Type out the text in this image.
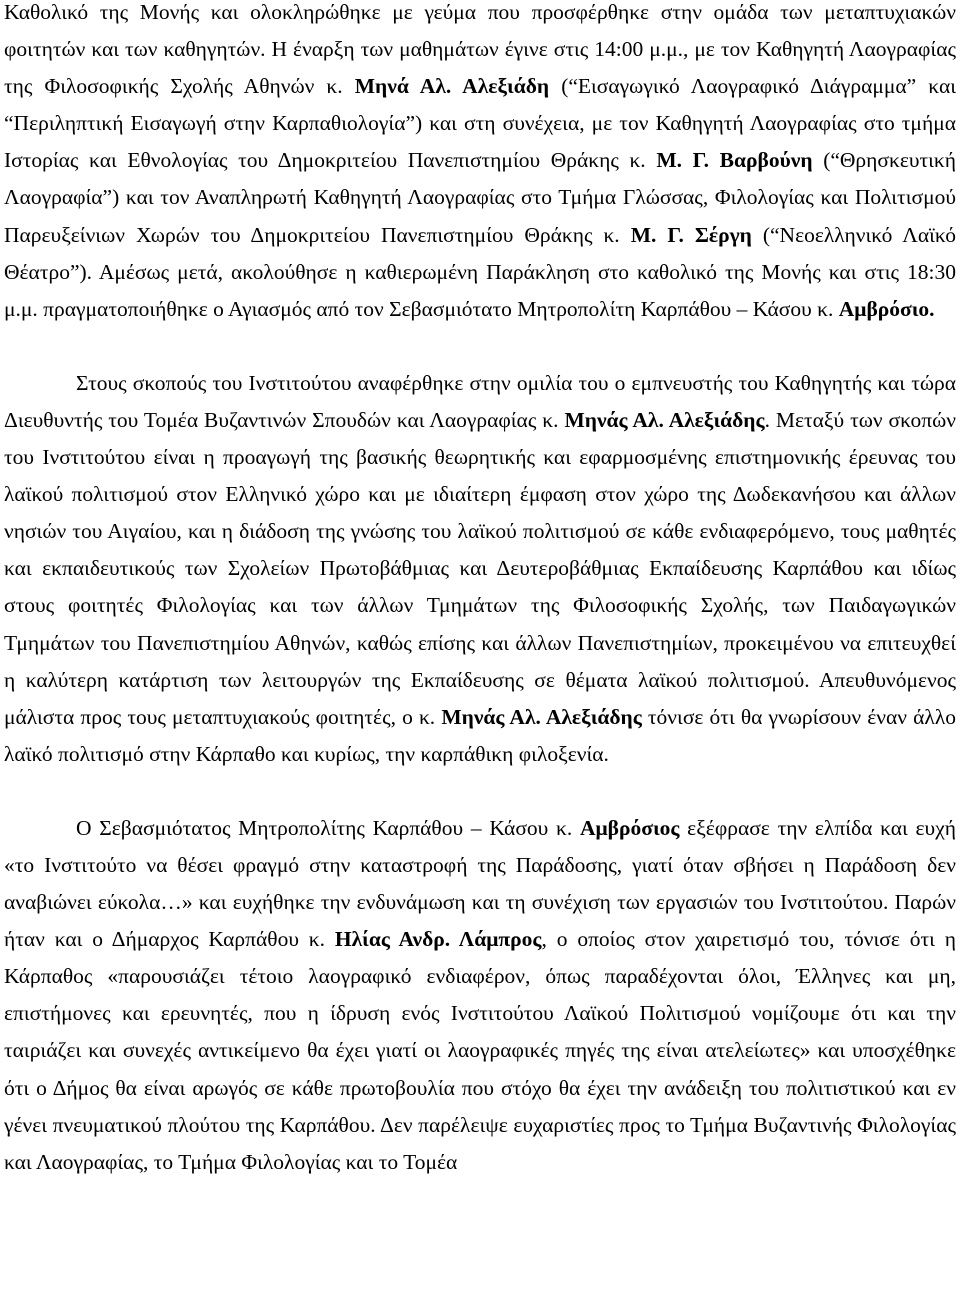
Καθολικό της Μονής και ολοκληρώθηκε με γεύμα που προσφέρθηκε στην ομάδα των μεταπτυχιακών φοιτητών και των καθηγητών. Η έναρξη των μαθημάτων έγινε στις 14:00 μ.μ., με τον Καθηγητή Λαογραφίας της Φιλοσοφικής Σχολής Αθηνών κ. Μηνά Αλ. Αλεξιάδη (“Εισαγωγικό Λαογραφικό Διάγραμμα” και “Περιληπτική Εισαγωγή στην Καρπαθιολογία”) και στη συνέχεια, με τον Καθηγητή Λαογραφίας στο τμήμα Ιστορίας και Εθνολογίας του Δημοκριτείου Πανεπιστημίου Θράκης κ. Μ. Γ. Βαρβούνη (“Θρησκευτική Λαογραφία”) και τον Αναπληρωτή Καθηγητή Λαογραφίας στο Τμήμα Γλώσσας, Φιλολογίας και Πολιτισμού Παρευξείνιων Χωρών του Δημοκριτείου Πανεπιστημίου Θράκης κ. Μ. Γ. Σέργη (“Νεοελληνικό Λαϊκό Θέατρο”). Αμέσως μετά, ακολούθησε η καθιερωμένη Παράκληση στο καθολικό της Μονής και στις 18:30 μ.μ. πραγματοποιήθηκε ο Αγιασμός από τον Σεβασμιότατο Μητροπολίτη Καρπάθου – Κάσου κ. Αμβρόσιο.

Στους σκοπούς του Ινστιτούτου αναφέρθηκε στην ομιλία του ο εμπνευστής του Καθηγητής και τώρα Διευθυντής του Τομέα Βυζαντινών Σπουδών και Λαογραφίας κ. Μηνάς Αλ. Αλεξιάδης. Μεταξύ των σκοπών του Ινστιτούτου είναι η προαγωγή της βασικής θεωρητικής και εφαρμοσμένης επιστημονικής έρευνας του λαϊκού πολιτισμού στον Ελληνικό χώρο και με ιδιαίτερη έμφαση στον χώρο της Δωδεκανήσου και άλλων νησιών του Αιγαίου, και η διάδοση της γνώσης του λαϊκού πολιτισμού σε κάθε ενδιαφερόμενο, τους μαθητές και εκπαιδευτικούς των Σχολείων Πρωτοβάθμιας και Δευτεροβάθμιας Εκπαίδευσης Καρπάθου και ιδίως στους φοιτητές Φιλολογίας και των άλλων Τμημάτων της Φιλοσοφικής Σχολής, των Παιδαγωγικών Τμημάτων του Πανεπιστημίου Αθηνών, καθώς επίσης και άλλων Πανεπιστημίων, προκειμένου να επιτευχθεί η καλύτερη κατάρτιση των λειτουργών της Εκπαίδευσης σε θέματα λαϊκού πολιτισμού. Απευθυνόμενος μάλιστα προς τους μεταπτυχιακούς φοιτητές, ο κ. Μηνάς Αλ. Αλεξιάδης τόνισε ότι θα γνωρίσουν έναν άλλο λαϊκό πολιτισμό στην Κάρπαθο και κυρίως, την καρπάθικη φιλοξενία.

Ο Σεβασμιότατος Μητροπολίτης Καρπάθου – Κάσου κ. Αμβρόσιος εξέφρασε την ελπίδα και ευχή «το Ινστιτούτο να θέσει φραγμό στην καταστροφή της Παράδοσης, γιατί όταν σβήσει η Παράδοση δεν αναβιώνει εύκολα…» και ευχήθηκε την ενδυνάμωση και τη συνέχιση των εργασιών του Ινστιτούτου. Παρών ήταν και ο Δήμαρχος Καρπάθου κ. Ηλίας Ανδρ. Λάμπρος, ο οποίος στον χαιρετισμό του, τόνισε ότι η Κάρπαθος «παρουσιάζει τέτοιο λαογραφικό ενδιαφέρον, όπως παραδέχονται όλοι, Έλληνες και μη, επιστήμονες και ερευνητές, που η ίδρυση ενός Ινστιτούτου Λαϊκού Πολιτισμού νομίζουμε ότι και την ταιριάζει και συνεχές αντικείμενο θα έχει γιατί οι λαογραφικές πηγές της είναι ατελείωτες» και υποσχέθηκε ότι ο Δήμος θα είναι αρωγός σε κάθε πρωτοβουλία που στόχο θα έχει την ανάδειξη του πολιτιστικού και εν γένει πνευματικού πλούτου της Καρπάθου. Δεν παρέλειψε ευχαριστίες προς το Τμήμα Βυζαντινής Φιλολογίας και Λαογραφίας, το Τμήμα Φιλολογίας και το Τομέα
